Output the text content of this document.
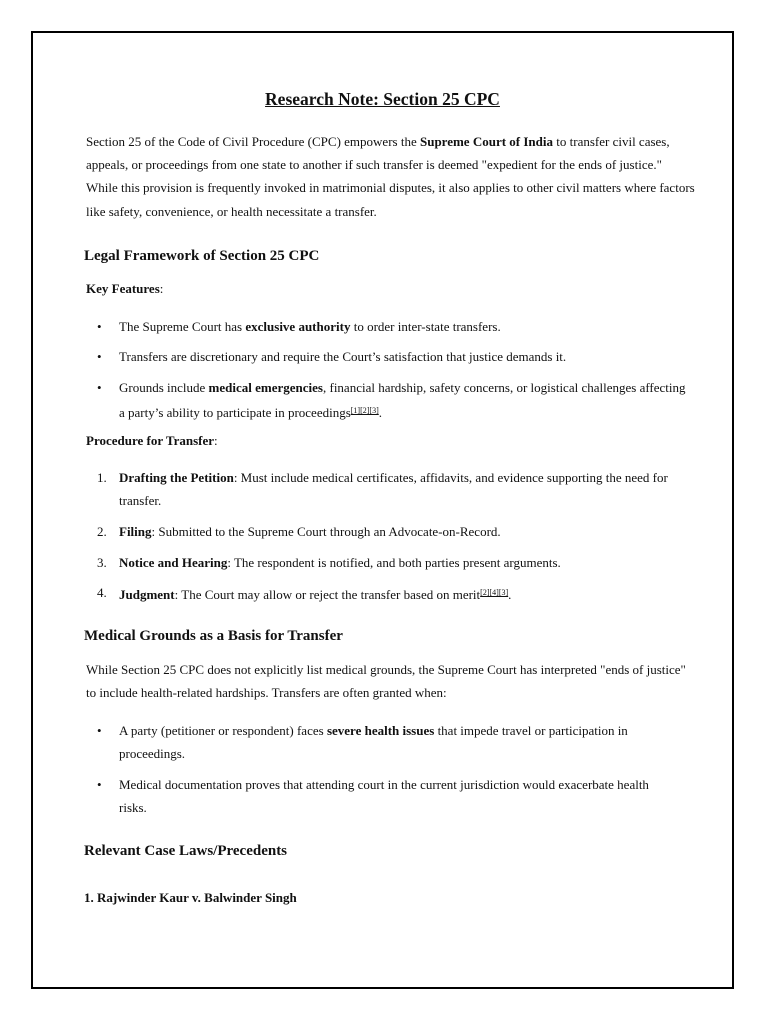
Research Note: Section 25 CPC
Section 25 of the Code of Civil Procedure (CPC) empowers the Supreme Court of India to transfer civil cases, appeals, or proceedings from one state to another if such transfer is deemed "expedient for the ends of justice." While this provision is frequently invoked in matrimonial disputes, it also applies to other civil matters where factors like safety, convenience, or health necessitate a transfer.
Legal Framework of Section 25 CPC
Key Features:
• The Supreme Court has exclusive authority to order inter-state transfers.
• Transfers are discretionary and require the Court’s satisfaction that justice demands it.
• Grounds include medical emergencies, financial hardship, safety concerns, or logistical challenges affecting a party’s ability to participate in proceedings[1][2][3].
Procedure for Transfer:
1. Drafting the Petition: Must include medical certificates, affidavits, and evidence supporting the need for transfer.
2. Filing: Submitted to the Supreme Court through an Advocate-on-Record.
3. Notice and Hearing: The respondent is notified, and both parties present arguments.
4. Judgment: The Court may allow or reject the transfer based on merit[2][4][3].
Medical Grounds as a Basis for Transfer
While Section 25 CPC does not explicitly list medical grounds, the Supreme Court has interpreted "ends of justice" to include health-related hardships. Transfers are often granted when:
• A party (petitioner or respondent) faces severe health issues that impede travel or participation in proceedings.
• Medical documentation proves that attending court in the current jurisdiction would exacerbate health risks.
Relevant Case Laws/Precedents
1. Rajwinder Kaur v. Balwinder Singh
